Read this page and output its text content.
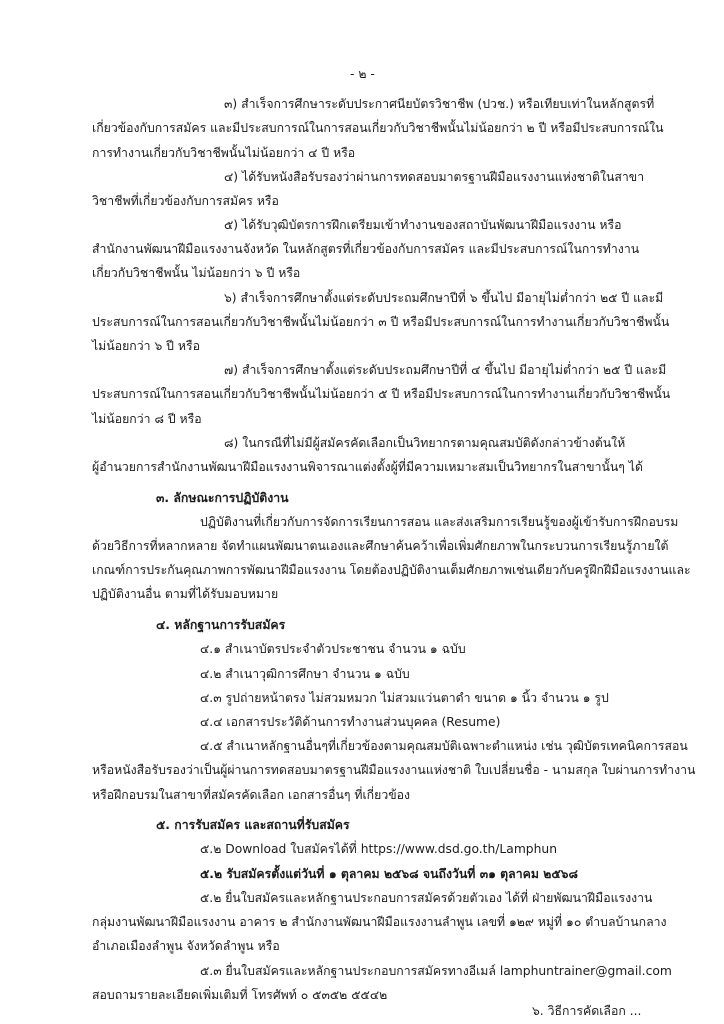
- ๒ -
๓) สำเร็จการศึกษาระดับประกาศนียบัตรวิชาชีพ (ปวช.) หรือเทียบเท่าในหลักสูตรที่
เกี่ยวข้องกับการสมัคร และมีประสบการณ์ในการสอนเกี่ยวกับวิชาชีพนั้นไม่น้อยกว่า ๒ ปี หรือมีประสบการณ์ใน
การทำงานเกี่ยวกับวิชาชีพนั้นไม่น้อยกว่า ๔ ปี หรือ
๔) ได้รับหนังสือรับรองว่าผ่านการทดสอบมาตรฐานฝีมือแรงงานแห่งชาติในสาขา
วิชาชีพที่เกี่ยวข้องกับการสมัคร หรือ
๕) ได้รับวุฒิบัตรการฝึกเตรียมเข้าทำงานของสถาบันพัฒนาฝีมือแรงงาน หรือ
สำนักงานพัฒนาฝีมือแรงงานจังหวัด ในหลักสูตรที่เกี่ยวข้องกับการสมัคร และมีประสบการณ์ในการทำงาน
เกี่ยวกับวิชาชีพนั้น ไม่น้อยกว่า ๖ ปี หรือ
๖) สำเร็จการศึกษาตั้งแต่ระดับประถมศึกษาปีที่ ๖ ขึ้นไป มีอายุไม่ต่ำกว่า ๒๕ ปี และมี
ประสบการณ์ในการสอนเกี่ยวกับวิชาชีพนั้นไม่น้อยกว่า ๓ ปี หรือมีประสบการณ์ในการทำงานเกี่ยวกับวิชาชีพนั้น
ไม่น้อยกว่า ๖ ปี หรือ
๗) สำเร็จการศึกษาตั้งแต่ระดับประถมศึกษาปีที่ ๔ ขึ้นไป มีอายุไม่ต่ำกว่า ๒๕ ปี และมี
ประสบการณ์ในการสอนเกี่ยวกับวิชาชีพนั้นไม่น้อยกว่า ๕ ปี หรือมีประสบการณ์ในการทำงานเกี่ยวกับวิชาชีพนั้น
ไม่น้อยกว่า ๘ ปี หรือ
๘) ในกรณีที่ไม่มีผู้สมัครคัดเลือกเป็นวิทยากรตามคุณสมบัติดังกล่าวข้างต้นให้
ผู้อำนวยการสำนักงานพัฒนาฝีมือแรงงานพิจารณาแต่งตั้งผู้ที่มีความเหมาะสมเป็นวิทยากรในสาขานั้นๆ ได้
๓. ลักษณะการปฏิบัติงาน
ปฏิบัติงานที่เกี่ยวกับการจัดการเรียนการสอน และส่งเสริมการเรียนรู้ของผู้เข้ารับการฝึกอบรม
ด้วยวิธีการที่หลากหลาย จัดทำแผนพัฒนาตนเองและศึกษาค้นคว้าเพื่อเพิ่มศักยภาพในกระบวนการเรียนรู้ภายใต้
เกณฑ์การประกันคุณภาพการพัฒนาฝีมือแรงงาน โดยต้องปฏิบัติงานเต็มศักยภาพเช่นเดียวกับครูฝึกฝีมือแรงงานและ
ปฏิบัติงานอื่น ตามที่ได้รับมอบหมาย
๔. หลักฐานการรับสมัคร
๔.๑ สำเนาบัตรประจำตัวประชาชน จำนวน ๑ ฉบับ
๔.๒ สำเนาวุฒิการศึกษา จำนวน ๑ ฉบับ
๔.๓ รูปถ่ายหน้าตรง ไม่สวมหมวก ไม่สวมแว่นตาดำ ขนาด ๑ นิ้ว จำนวน ๑ รูป
๔.๔ เอกสารประวัติด้านการทำงานส่วนบุคคล (Resume)
๔.๕ สำเนาหลักฐานอื่นๆที่เกี่ยวข้องตามคุณสมบัติเฉพาะตำแหน่ง เช่น วุฒิบัตรเทคนิคการสอน
หรือหนังสือรับรองว่าเป็นผู้ผ่านการทดสอบมาตรฐานฝีมือแรงงานแห่งชาติ ใบเปลี่ยนชื่อ - นามสกุล ใบผ่านการทำงาน
หรือฝึกอบรมในสาขาที่สมัครคัดเลือก เอกสารอื่นๆ ที่เกี่ยวข้อง
๕. การรับสมัคร และสถานที่รับสมัคร
๕.๒ Download ใบสมัครได้ที่ https://www.dsd.go.th/Lamphun
๕.๒ รับสมัครตั้งแต่วันที่ ๑ ตุลาคม ๒๕๖๘ จนถึงวันที่ ๓๑ ตุลาคม ๒๕๖๘
๕.๒ ยื่นใบสมัครและหลักฐานประกอบการสมัครด้วยตัวเอง ได้ที่ ฝ่ายพัฒนาฝีมือแรงงาน
กลุ่มงานพัฒนาฝีมือแรงงาน อาคาร ๒ สำนักงานพัฒนาฝีมือแรงงานลำพูน เลขที่ ๑๒๙ หมู่ที่ ๑๐ ตำบลบ้านกลาง
อำเภอเมืองลำพูน จังหวัดลำพูน หรือ
๕.๓ ยื่นใบสมัครและหลักฐานประกอบการสมัครทางอีเมล์ lamphuntrainer@gmail.com
สอบถามรายละเอียดเพิ่มเติมที่ โทรศัพท์ ๐ ๕๓๕๒ ๕๕๔๒
๖. วิธีการคัดเลือก ...
